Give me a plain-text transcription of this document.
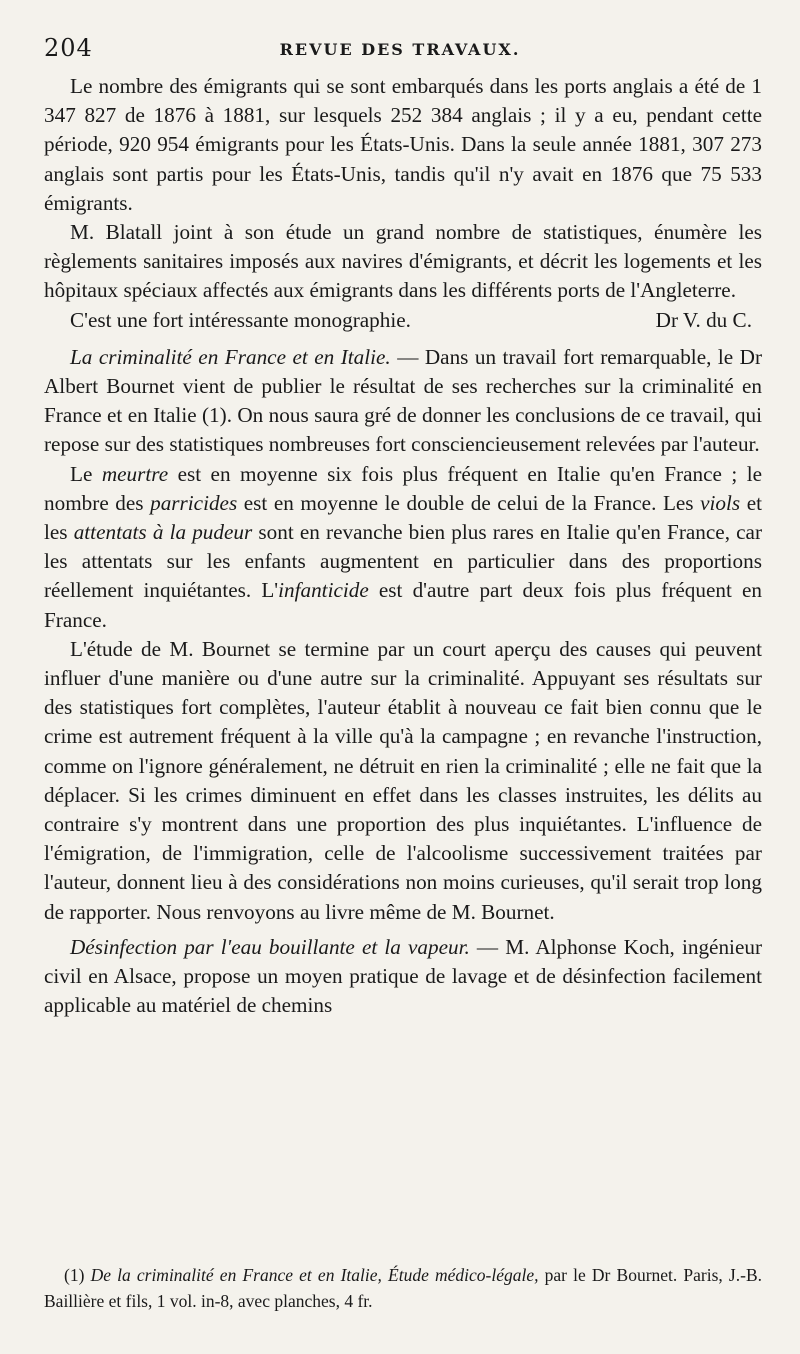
204	REVUE DES TRAVAUX.

Le nombre des émigrants qui se sont embarqués dans les ports anglais a été de 1 347 827 de 1876 à 1881, sur lesquels 252 384 anglais ; il y a eu, pendant cette période, 920 954 émigrants pour les États-Unis. Dans la seule année 1881, 307 273 anglais sont partis pour les États-Unis, tandis qu'il n'y avait en 1876 que 75 533 émigrants.

M. Blatall joint à son étude un grand nombre de statistiques, énumère les règlements sanitaires imposés aux navires d'émigrants, et décrit les logements et les hôpitaux spéciaux affectés aux émigrants dans les différents ports de l'Angleterre.

C'est une fort intéressante monographie.	Dr V. du C.

La criminalité en France et en Italie. — Dans un travail fort remarquable, le Dr Albert Bournet vient de publier le résultat de ses recherches sur la criminalité en France et en Italie (1). On nous saura gré de donner les conclusions de ce travail, qui repose sur des statistiques nombreuses fort consciencieusement relevées par l'auteur.

Le meurtre est en moyenne six fois plus fréquent en Italie qu'en France ; le nombre des parricides est en moyenne le double de celui de la France. Les viols et les attentats à la pudeur sont en revanche bien plus rares en Italie qu'en France, car les attentats sur les enfants augmentent en particulier dans des proportions réellement inquiétantes. L'infanticide est d'autre part deux fois plus fréquent en France.

L'étude de M. Bournet se termine par un court aperçu des causes qui peuvent influer d'une manière ou d'une autre sur la criminalité. Appuyant ses résultats sur des statistiques fort complètes, l'auteur établit à nouveau ce fait bien connu que le crime est autrement fréquent à la ville qu'à la campagne ; en revanche l'instruction, comme on l'ignore généralement, ne détruit en rien la criminalité ; elle ne fait que la déplacer. Si les crimes diminuent en effet dans les classes instruites, les délits au contraire s'y montrent dans une proportion des plus inquiétantes. L'influence de l'émigration, de l'immigration, celle de l'alcoolisme successivement traitées par l'auteur, donnent lieu à des considérations non moins curieuses, qu'il serait trop long de rapporter. Nous renvoyons au livre même de M. Bournet.

Désinfection par l'eau bouillante et la vapeur. — M. Alphonse Koch, ingénieur civil en Alsace, propose un moyen pratique de lavage et de désinfection facilement applicable au matériel de chemins

(1) De la criminalité en France et en Italie, Étude médico-légale, par le Dr Bournet. Paris, J.-B. Baillière et fils, 1 vol. in-8, avec planches, 4 fr.
